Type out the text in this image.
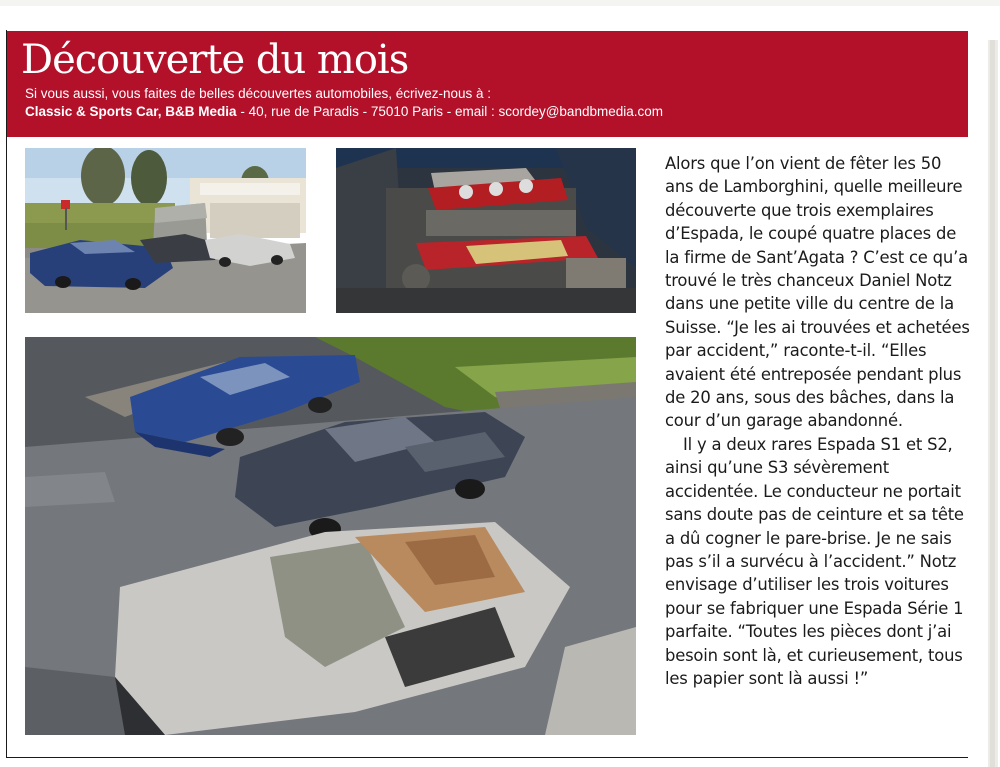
Découverte du mois
Si vous aussi, vous faites de belles découvertes automobiles, écrivez-nous à :
Classic & Sports Car, B&B Media - 40, rue de Paradis - 75010 Paris - email : scordey@bandbmedia.com

Alors que l’on vient de fêter les 50 ans de Lamborghini, quelle meilleure découverte que trois exemplaires d’Espada, le coupé quatre places de la firme de Sant’Agata ? C’est ce qu’a trouvé le très chanceux Daniel Notz dans une petite ville du centre de la Suisse. “Je les ai trouvées et achetées par accident,” raconte-t-il. “Elles avaient été entreposée pendant plus de 20 ans, sous des bâches, dans la cour d’un garage abandonné.

Il y a deux rares Espada S1 et S2, ainsi qu’une S3 sévèrement accidentée. Le conducteur ne portait sans doute pas de ceinture et sa tête a dû cogner le pare-brise. Je ne sais pas s’il a survécu à l’accident.” Notz envisage d’utiliser les trois voitures pour se fabriquer une Espada Série 1 parfaite. “Toutes les pièces dont j’ai besoin sont là, et curieusement, tous les papier sont là aussi !”
